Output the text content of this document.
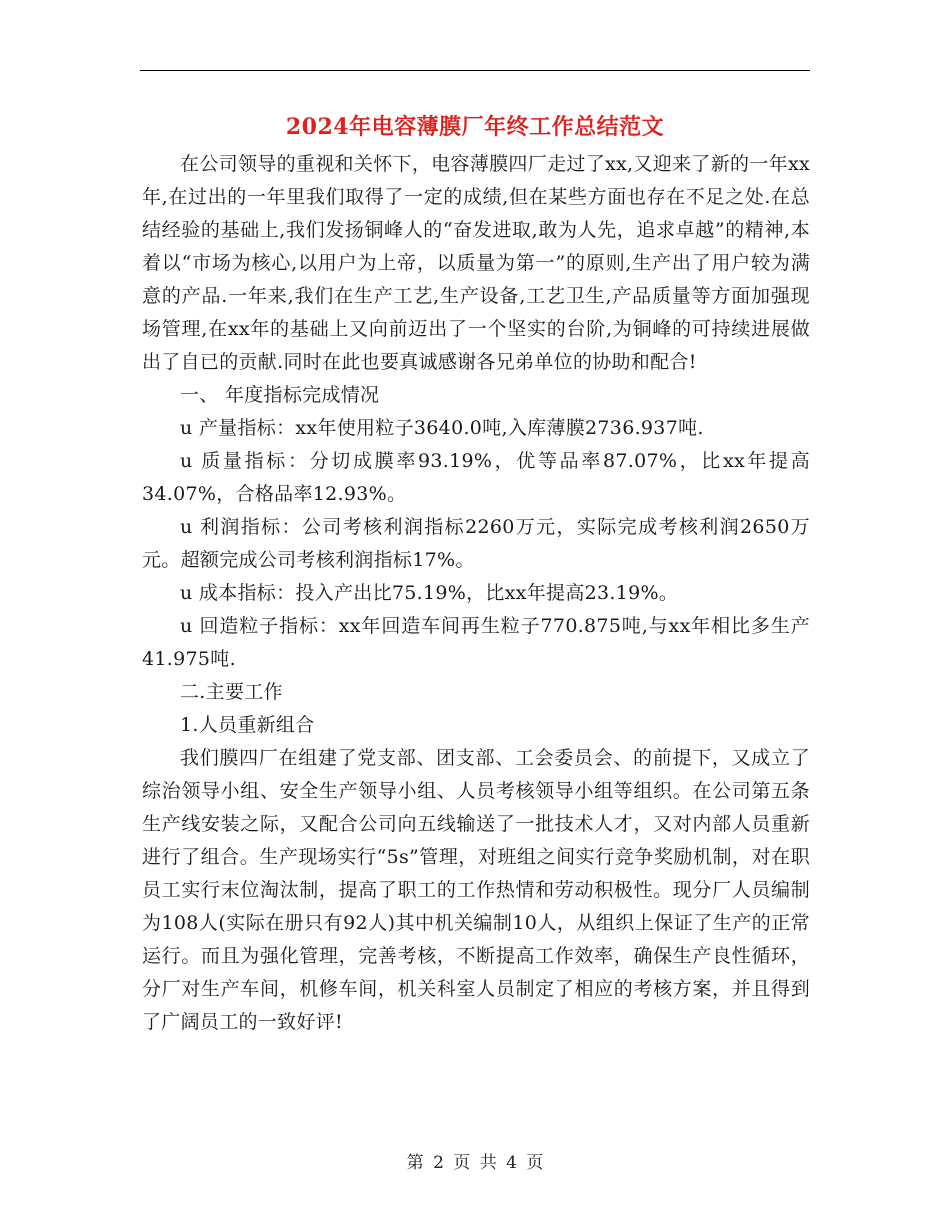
2024年电容薄膜厂年终工作总结范文

在公司领导的重视和关怀下，电容薄膜四厂走过了xx,又迎来了新的一年xx年,在过出的一年里我们取得了一定的成绩,但在某些方面也存在不足之处.在总结经验的基础上,我们发扬铜峰人的“奋发进取,敢为人先，追求卓越”的精神,本着以“市场为核心,以用户为上帝，以质量为第一”的原则,生产出了用户较为满意的产品.一年来,我们在生产工艺,生产设备,工艺卫生,产品质量等方面加强现场管理,在xx年的基础上又向前迈出了一个坚实的台阶,为铜峰的可持续进展做出了自已的贡献.同时在此也要真诚感谢各兄弟单位的协助和配合!

一、 年度指标完成情况

u 产量指标：xx年使用粒子3640.0吨,入库薄膜2736.937吨.

u 质量指标：分切成膜率93.19%，优等品率87.07%，比xx年提高34.07%，合格品率12.93%。

u 利润指标：公司考核利润指标2260万元，实际完成考核利润2650万元。超额完成公司考核利润指标17%。

u 成本指标：投入产出比75.19%，比xx年提高23.19%。

u 回造粒子指标：xx年回造车间再生粒子770.875吨,与xx年相比多生产41.975吨.

二.主要工作

1.人员重新组合

我们膜四厂在组建了党支部、团支部、工会委员会、的前提下，又成立了综治领导小组、安全生产领导小组、人员考核领导小组等组织。在公司第五条生产线安装之际，又配合公司向五线输送了一批技术人才，又对内部人员重新进行了组合。生产现场实行“5s”管理，对班组之间实行竞争奖励机制，对在职员工实行末位淘汰制，提高了职工的工作热情和劳动积极性。现分厂人员编制为108人(实际在册只有92人)其中机关编制10人，从组织上保证了生产的正常运行。而且为强化管理，完善考核，不断提高工作效率，确保生产良性循环，分厂对生产车间，机修车间，机关科室人员制定了相应的考核方案，并且得到了广阔员工的一致好评!

第 2 页 共 4 页
